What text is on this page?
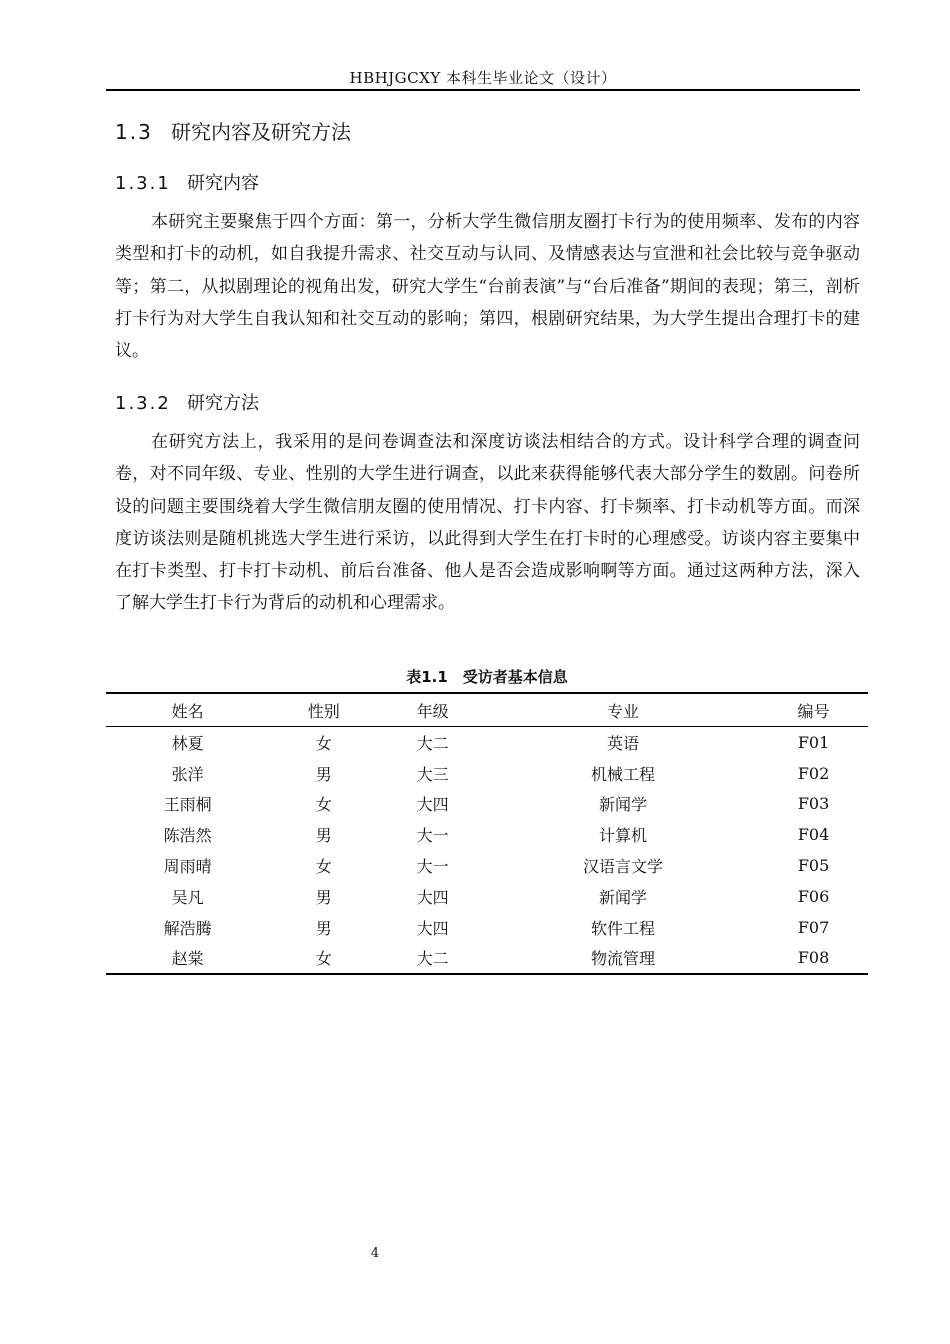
HBHJGCXY 本科生毕业论文（设计）
1.3 研究内容及研究方法
1.3.1 研究内容

本研究主要聚焦于四个方面：第一，分析大学生微信朋友圈打卡行为的使用频率、发布的内容类型和打卡的动机，如自我提升需求、社交互动与认同、及情感表达与宣泄和社会比较与竞争驱动等；第二，从拟剧理论的视角出发，研究大学生“台前表演”与“台后准备”期间的表现；第三，剖析打卡行为对大学生自我认知和社交互动的影响；第四，根剧研究结果，为大学生提出合理打卡的建议。

1.3.2 研究方法

在研究方法上，我采用的是问卷调查法和深度访谈法相结合的方式。设计科学合理的调查问卷，对不同年级、专业、性别的大学生进行调查，以此来获得能够代表大部分学生的数剧。问卷所设的问题主要围绕着大学生微信朋友圈的使用情况、打卡内容、打卡频率、打卡动机等方面。而深度访谈法则是随机挑选大学生进行采访，以此得到大学生在打卡时的心理感受。访谈内容主要集中在打卡类型、打卡打卡动机、前后台准备、他人是否会造成影响啊等方面。通过这两种方法，深入了解大学生打卡行为背后的动机和心理需求。

表1.1　受访者基本信息
姓名	性别	年级	专业	编号
林夏	女	大二	英语	F01
张洋	男	大三	机械工程	F02
王雨桐	女	大四	新闻学	F03
陈浩然	男	大一	计算机	F04
周雨晴	女	大一	汉语言文学	F05
吴凡	男	大四	新闻学	F06
解浩腾	男	大四	软件工程	F07
赵棠	女	大二	物流管理	F08
4
